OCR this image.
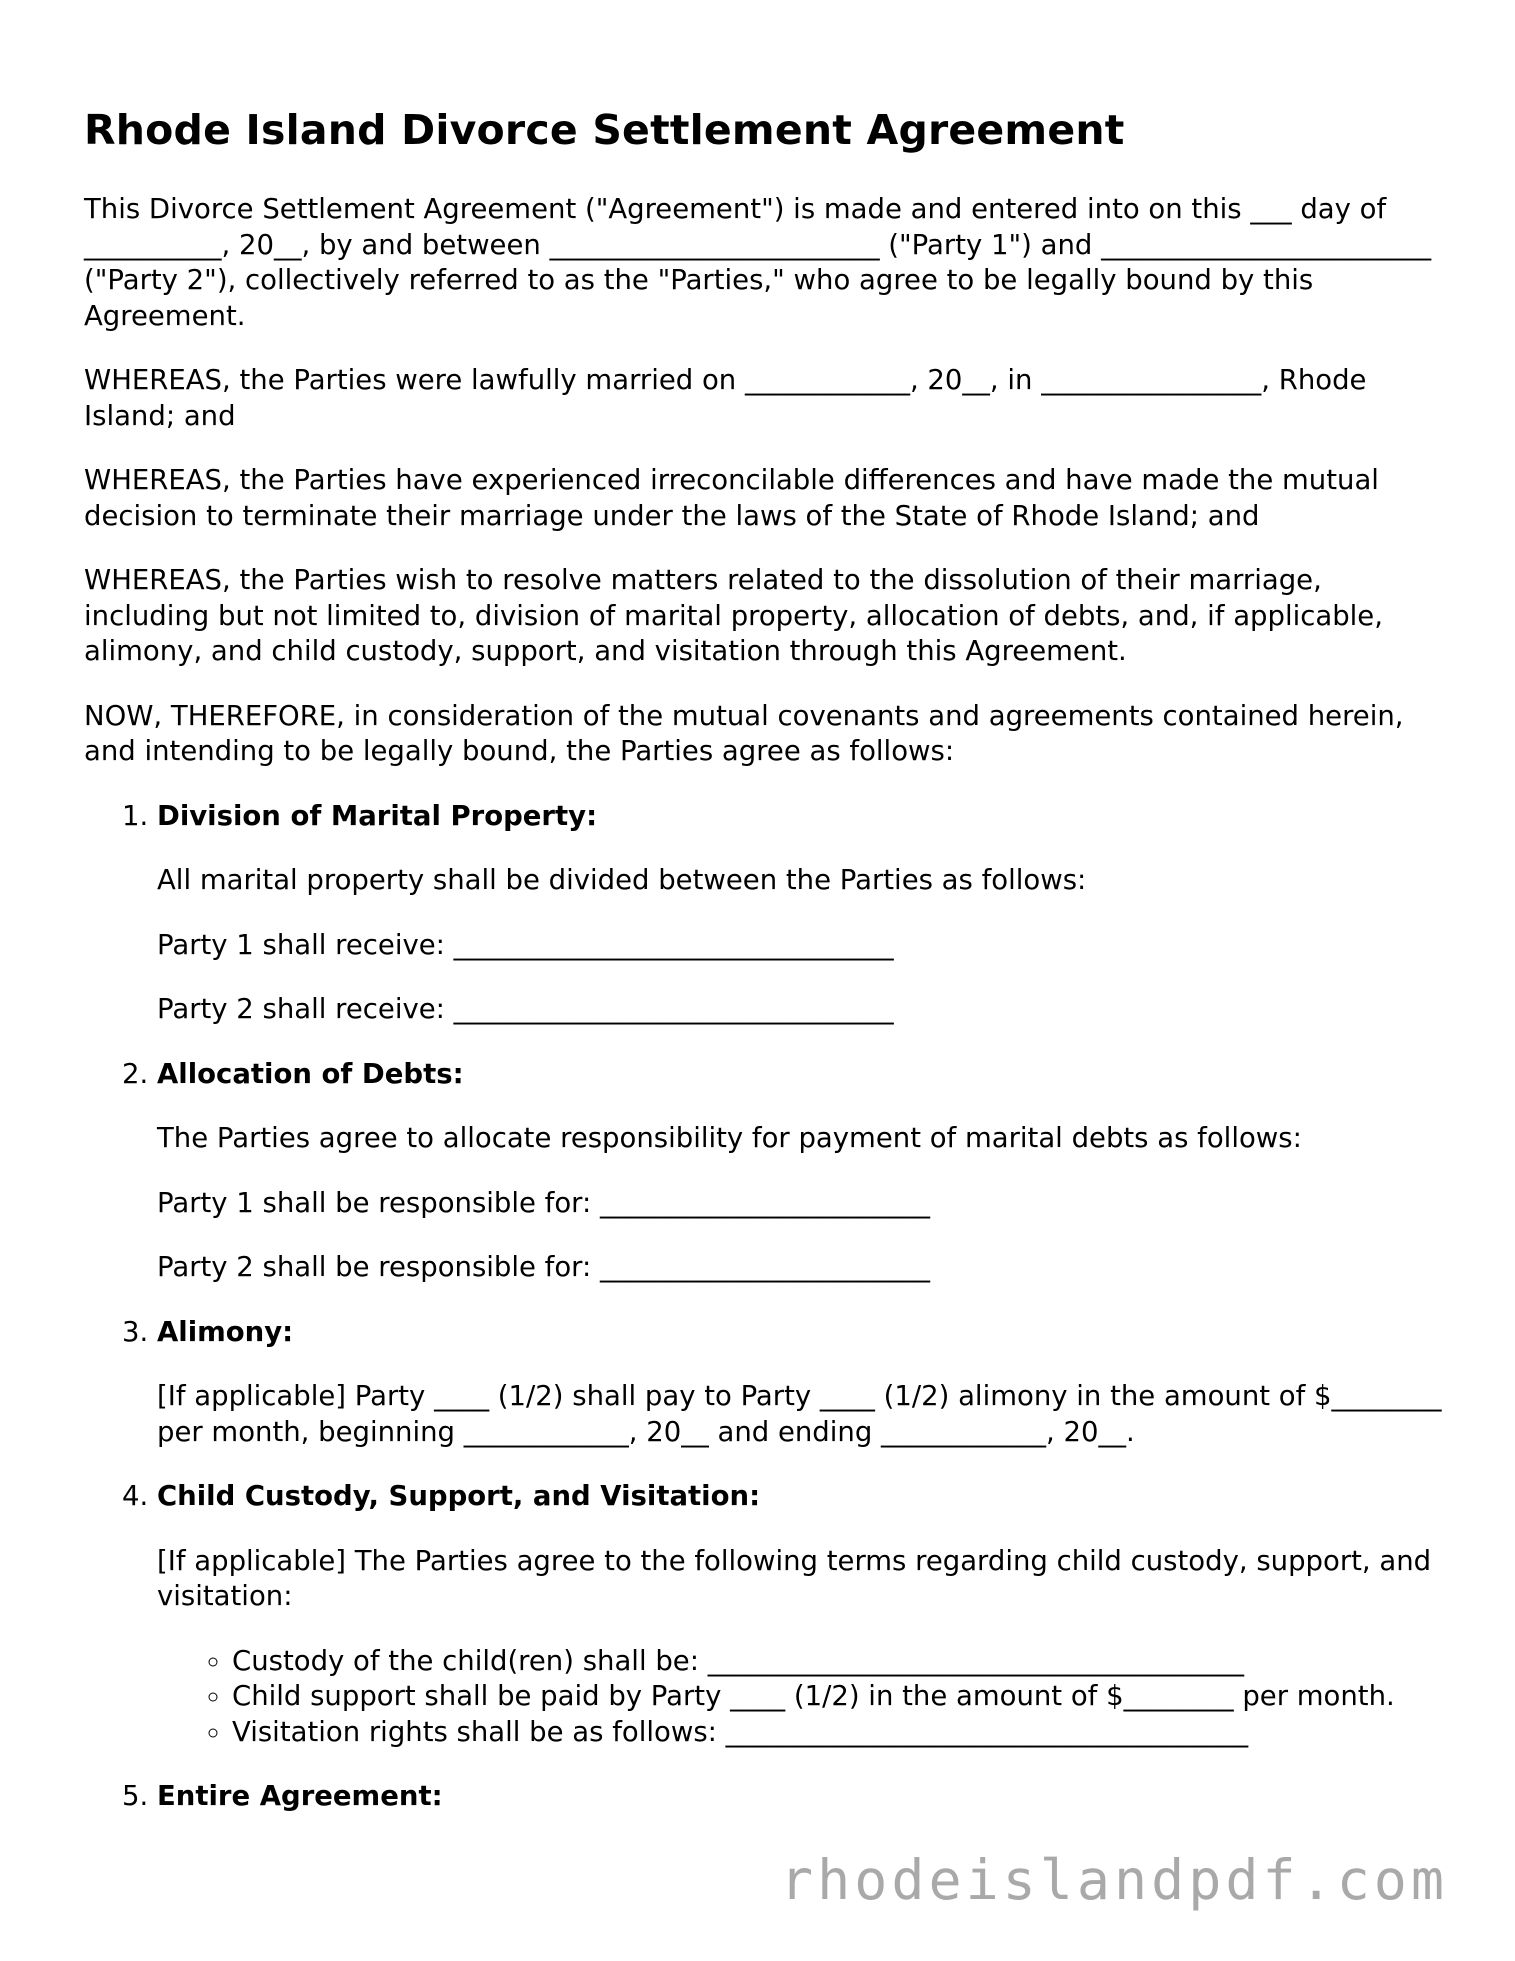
Rhode Island Divorce Settlement Agreement

This Divorce Settlement Agreement ("Agreement") is made and entered into on this ___ day of __________, 20__, by and between ________________________ ("Party 1") and ________________________ ("Party 2"), collectively referred to as the "Parties," who agree to be legally bound by this Agreement.

WHEREAS, the Parties were lawfully married on ____________, 20__, in ________________, Rhode Island; and

WHEREAS, the Parties have experienced irreconcilable differences and have made the mutual decision to terminate their marriage under the laws of the State of Rhode Island; and

WHEREAS, the Parties wish to resolve matters related to the dissolution of their marriage, including but not limited to, division of marital property, allocation of debts, and, if applicable, alimony, and child custody, support, and visitation through this Agreement.

NOW, THEREFORE, in consideration of the mutual covenants and agreements contained herein, and intending to be legally bound, the Parties agree as follows:

1. Division of Marital Property:

All marital property shall be divided between the Parties as follows:

Party 1 shall receive: ________________________________

Party 2 shall receive: ________________________________

2. Allocation of Debts:

The Parties agree to allocate responsibility for payment of marital debts as follows:

Party 1 shall be responsible for: ________________________

Party 2 shall be responsible for: ________________________

3. Alimony:

[If applicable] Party ____ (1/2) shall pay to Party ____ (1/2) alimony in the amount of $________ per month, beginning ____________, 20__ and ending ____________, 20__.

4. Child Custody, Support, and Visitation:

[If applicable] The Parties agree to the following terms regarding child custody, support, and visitation:

◦ Custody of the child(ren) shall be: _______________________________________
◦ Child support shall be paid by Party ____ (1/2) in the amount of $________ per month.
◦ Visitation rights shall be as follows: ______________________________________
5. Entire Agreement:
rhodeislandpdf.com
